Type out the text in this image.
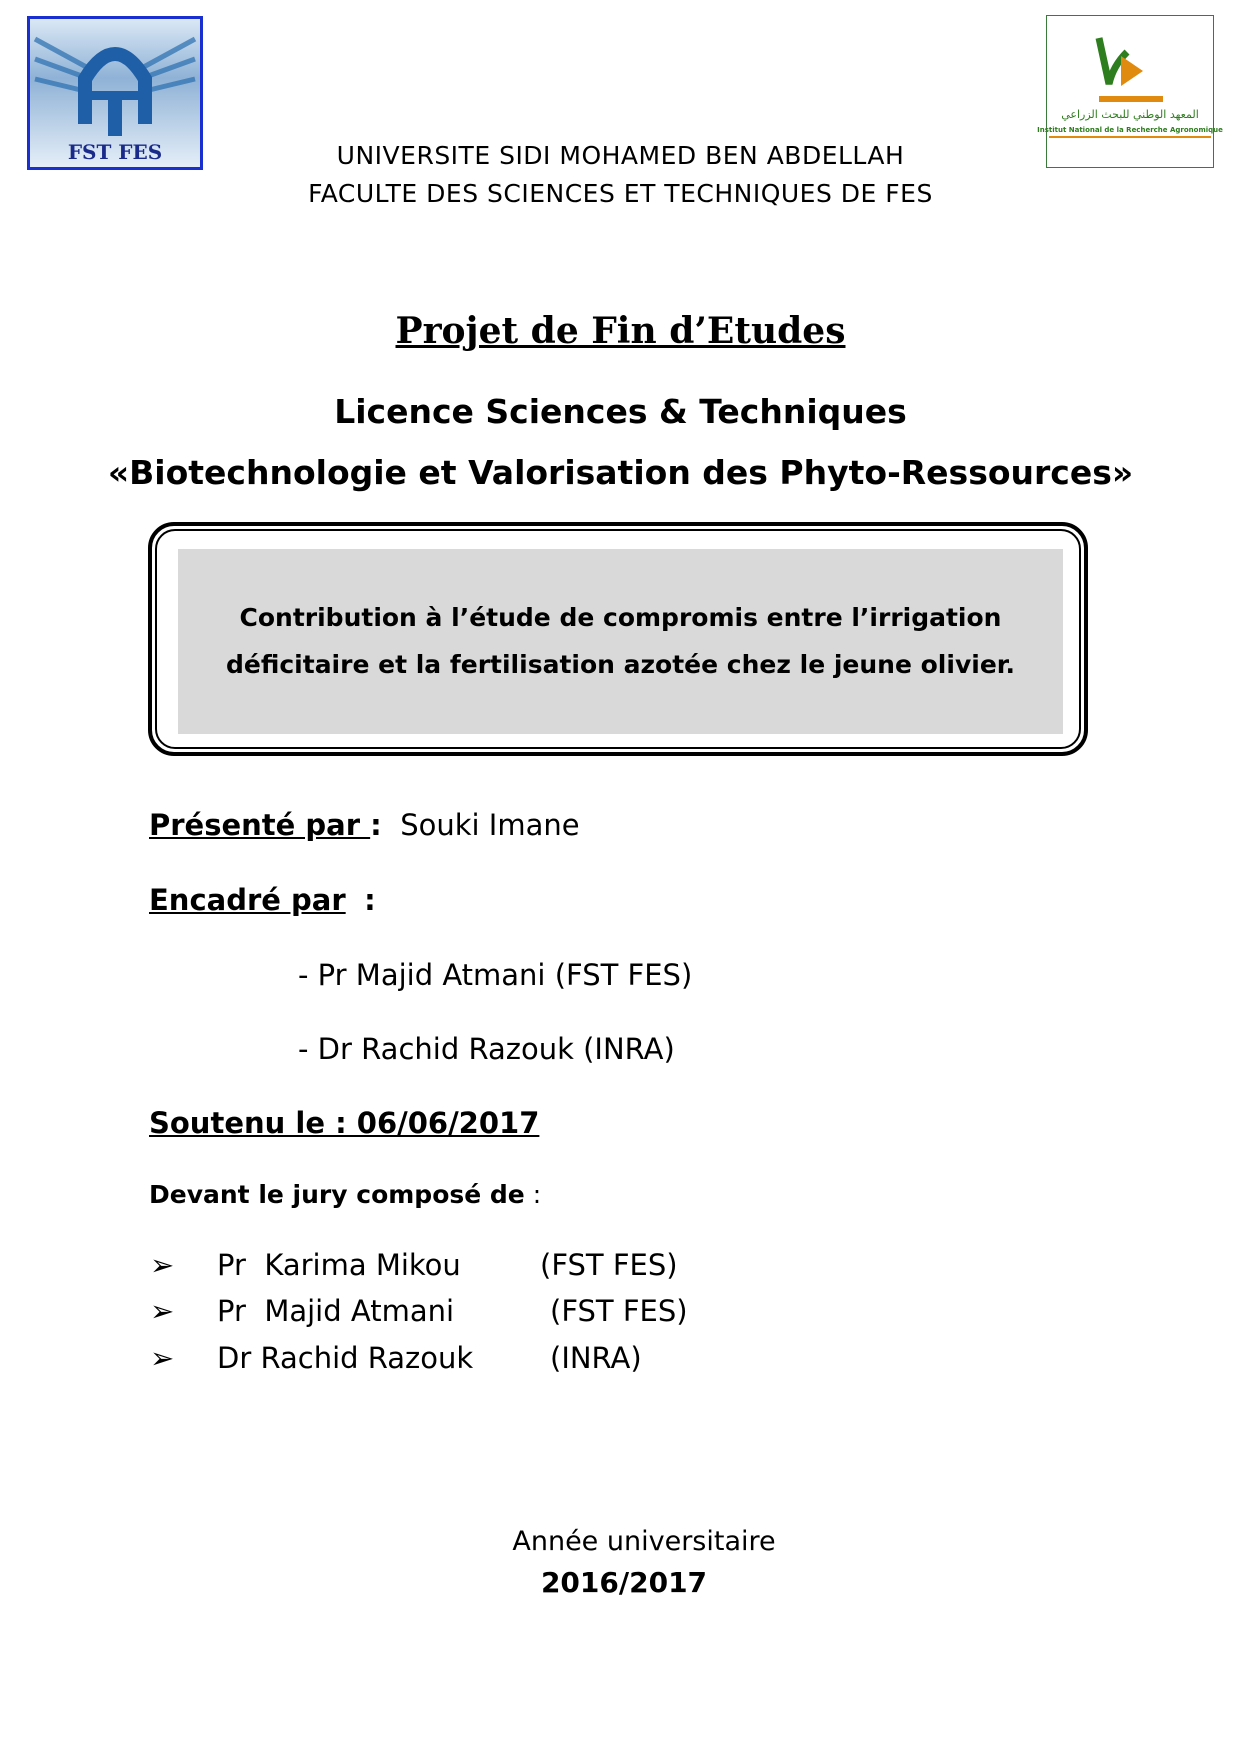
FST FES
المعهد الوطني للبحث الزراعي
Institut National de la Recherche Agronomique
UNIVERSITE SIDI MOHAMED BEN ABDELLAH
FACULTE DES SCIENCES ET TECHNIQUES DE FES
Projet de Fin d’Etudes
Licence Sciences & Techniques
«Biotechnologie et Valorisation des Phyto-Ressources»
Contribution à l’étude de compromis entre l’irrigation
déficitaire et la fertilisation azotée chez le jeune olivier.
Présenté par : Souki Imane
Encadré par :
- Pr Majid Atmani (FST FES)
- Dr Rachid Razouk (INRA)
Soutenu le : 06/06/2017
Devant le jury composé de :
➢ Pr  Karima Mikou	(FST FES)
➢ Pr  Majid Atmani	(FST FES)
➢ Dr Rachid Razouk	(INRA)
Année universitaire
2016/2017
